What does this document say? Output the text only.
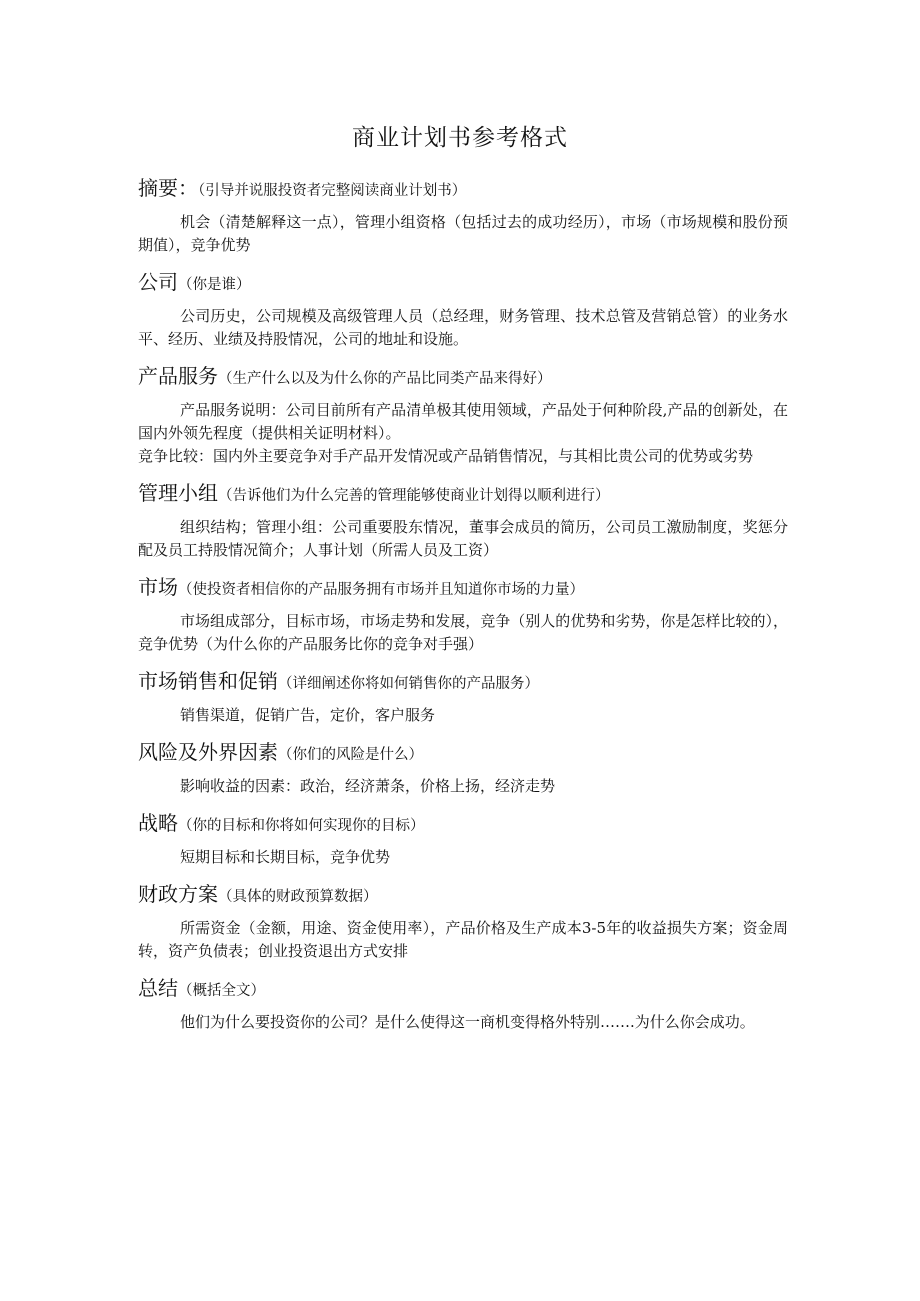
商业计划书参考格式
摘要：（引导并说服投资者完整阅读商业计划书）

机会（清楚解释这一点），管理小组资格（包括过去的成功经历），市场（市场规模和股份预期值），竞争优势

公司（你是谁）

公司历史，公司规模及高级管理人员（总经理，财务管理、技术总管及营销总管）的业务水平、经历、业绩及持股情况，公司的地址和设施。

产品服务（生产什么以及为什么你的产品比同类产品来得好）

产品服务说明：公司目前所有产品清单极其使用领域，产品处于何种阶段,产品的创新处，在国内外领先程度（提供相关证明材料）。

竞争比较：国内外主要竞争对手产品开发情况或产品销售情况，与其相比贵公司的优势或劣势

管理小组（告诉他们为什么完善的管理能够使商业计划得以顺利进行）

组织结构；管理小组：公司重要股东情况，董事会成员的简历，公司员工激励制度，奖惩分配及员工持股情况简介；人事计划（所需人员及工资）

市场（使投资者相信你的产品服务拥有市场并且知道你市场的力量）

市场组成部分，目标市场，市场走势和发展，竞争（别人的优势和劣势，你是怎样比较的），竞争优势（为什么你的产品服务比你的竞争对手强）

市场销售和促销（详细阐述你将如何销售你的产品服务）

销售渠道，促销广告，定价，客户服务

风险及外界因素（你们的风险是什么）

影响收益的因素：政治，经济萧条，价格上扬，经济走势

战略（你的目标和你将如何实现你的目标）

短期目标和长期目标，竞争优势

财政方案（具体的财政预算数据）

所需资金（金额，用途、资金使用率），产品价格及生产成本3-5年的收益损失方案；资金周转，资产负债表；创业投资退出方式安排

总结（概括全文）

他们为什么要投资你的公司？是什么使得这一商机变得格外特别…….为什么你会成功。
